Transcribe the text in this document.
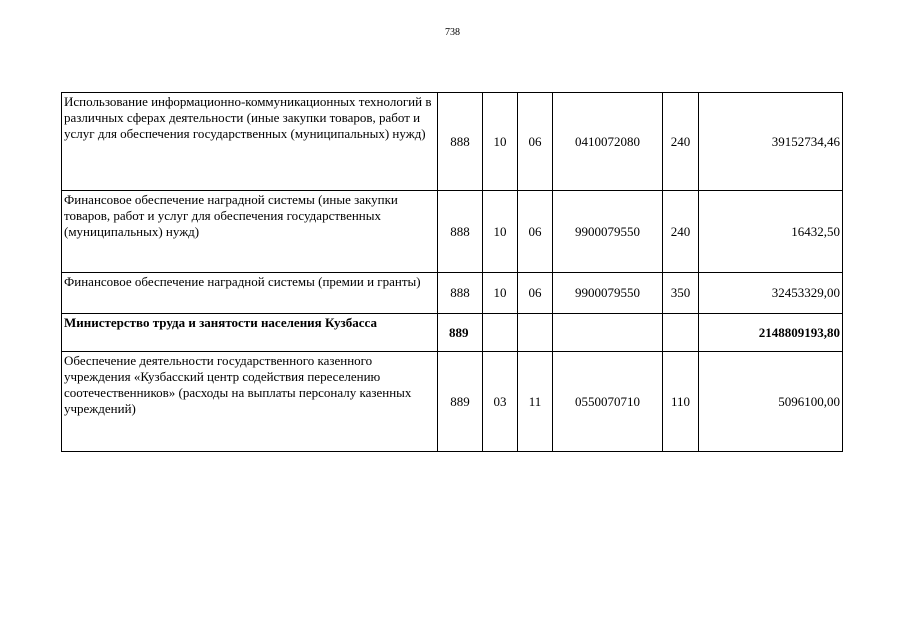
738
Использование информационно-коммуникационных технологий в различных сферах деятельности (иные закупки товаров, работ и услуг для обеспечения государственных (муниципальных) нужд)	888	10	06	0410072080	240	39152734,46
Финансовое обеспечение наградной системы (иные закупки товаров, работ и услуг для обеспечения государственных (муниципальных) нужд)	888	10	06	9900079550	240	16432,50
Финансовое обеспечение наградной системы (премии и гранты)	888	10	06	9900079550	350	32453329,00
Министерство труда и занятости населения Кузбасса	889					2148809193,80
Обеспечение деятельности государственного казенного учреждения «Кузбасский центр содействия переселению соотечественников» (расходы на выплаты персоналу казенных учреждений)	889	03	11	0550070710	110	5096100,00
